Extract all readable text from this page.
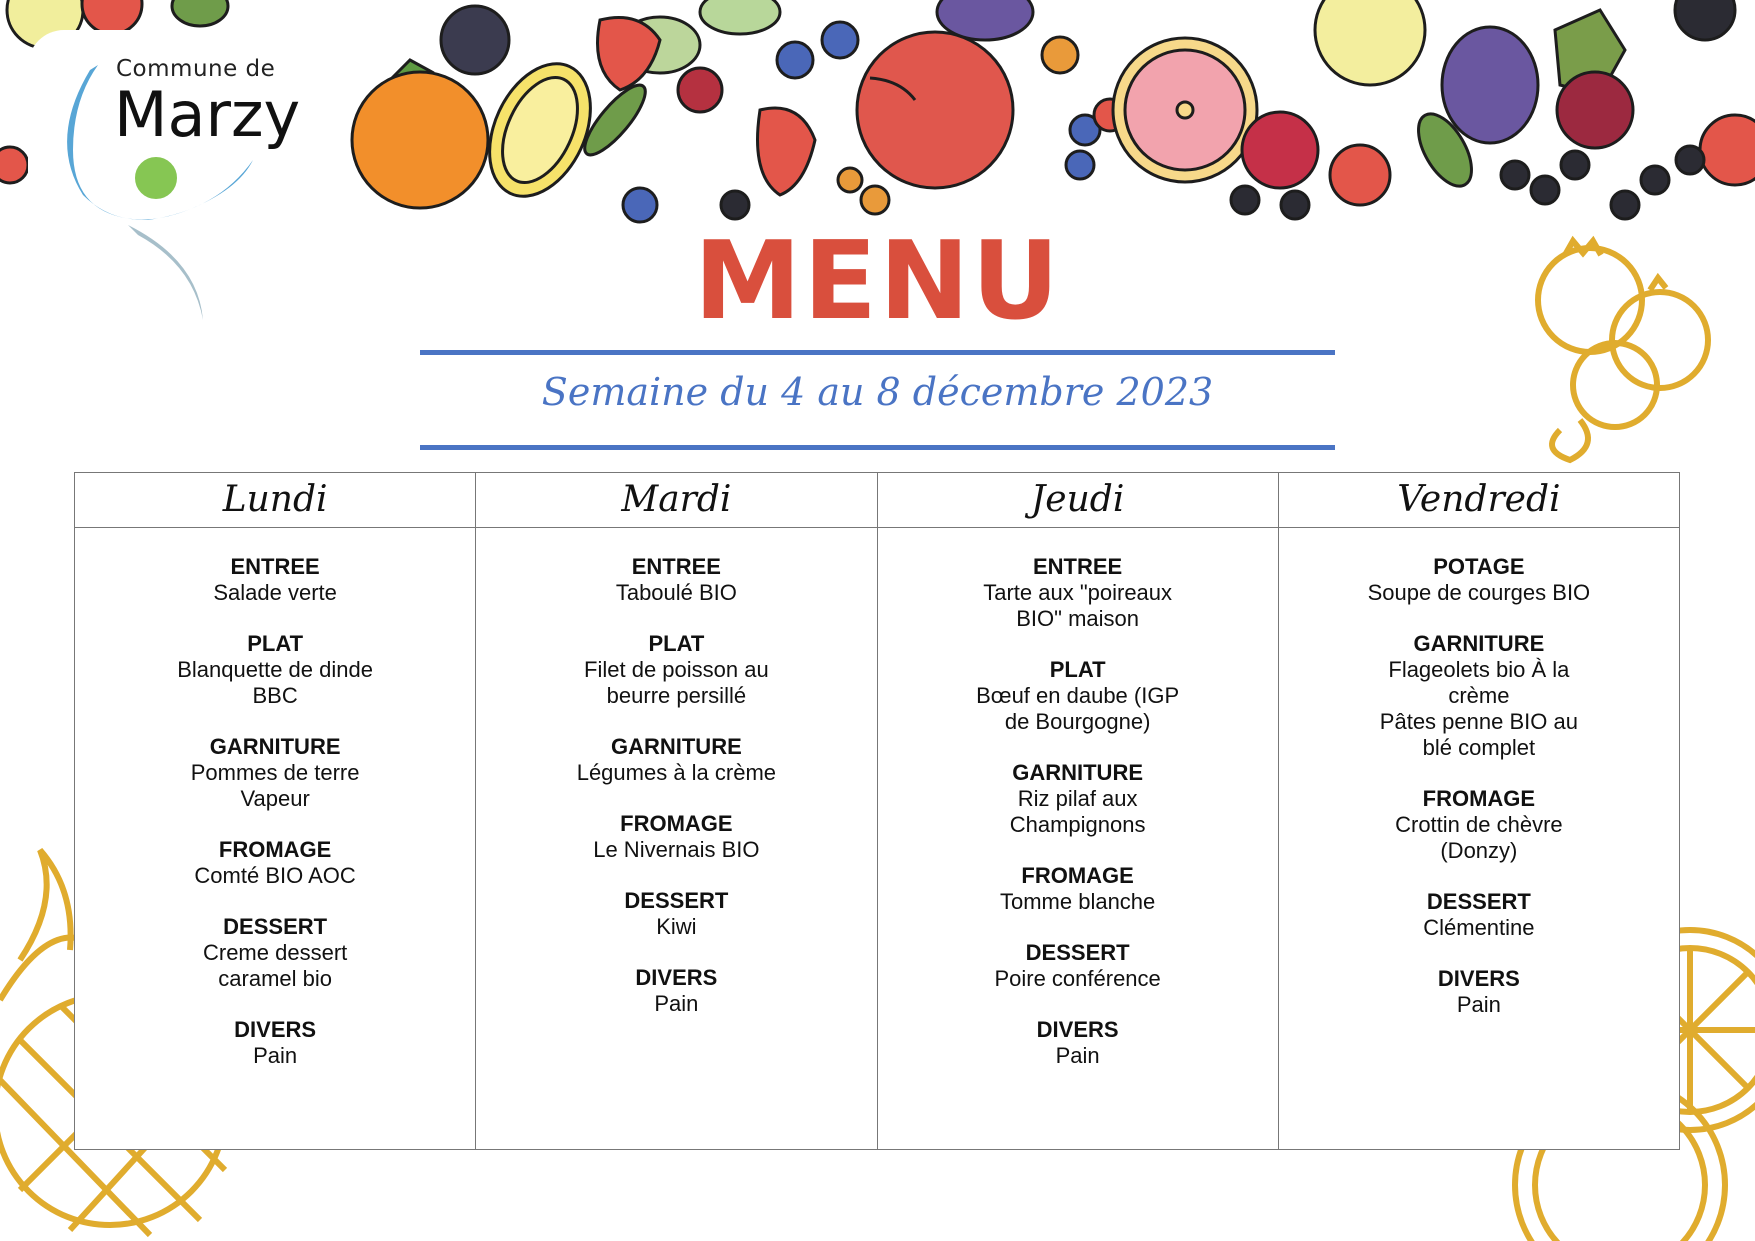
Commune de
Marzy
MENU
Semaine du 4 au 8 décembre 2023
Lundi
ENTREE
Salade verte
PLAT
Blanquette de dinde
BBC
GARNITURE
Pommes de terre
Vapeur
FROMAGE
Comté BIO AOC
DESSERT
Creme dessert
caramel bio
DIVERS
Pain
Mardi
ENTREE
Taboulé BIO
PLAT
Filet de poisson au
beurre persillé
GARNITURE
Légumes à la crème
FROMAGE
Le Nivernais BIO
DESSERT
Kiwi
DIVERS
Pain
Jeudi
ENTREE
Tarte aux "poireaux
BIO" maison
PLAT
Bœuf en daube (IGP
de Bourgogne)
GARNITURE
Riz pilaf aux
Champignons
FROMAGE
Tomme blanche
DESSERT
Poire conférence
DIVERS
Pain
Vendredi
POTAGE
Soupe de courges BIO
GARNITURE
Flageolets bio À la
crème
Pâtes penne BIO au
blé complet
FROMAGE
Crottin de chèvre
(Donzy)
DESSERT
Clémentine
DIVERS
Pain
